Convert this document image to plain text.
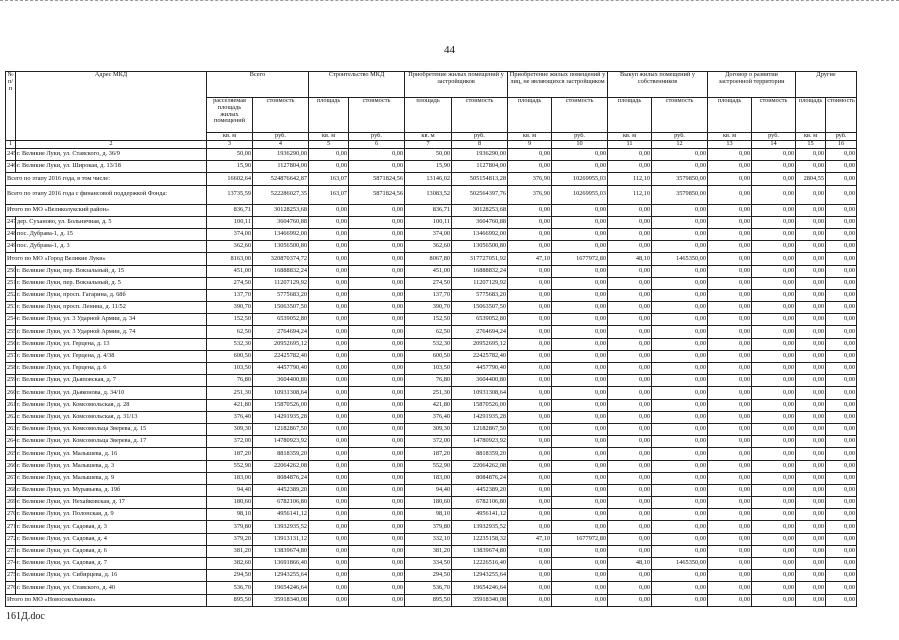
44
№ п/п	Адрес МКД	Всего		Строительство МКД		Приобретение жилых помещений у застройщиков		Приобретение жилых помещений у лиц, не являющихся застройщиком		Выкуп жилых помещений у собственников		Договор о развитии застроенной территории		Другие	
		расселяемая площадь жилых помещений	стоимость	площадь	стоимость	площадь	стоимость	площадь	стоимость	площадь	стоимость	площадь	стоимость	площадь	стоимость
		кв. м	руб.	кв. м	руб.	кв. м	руб.	кв. м	руб.	кв. м	руб.	кв. м	руб.	кв. м	руб.
1	2	3	4	5	6	7	8	9	10	11	12	13	14	15	16
245	г. Великие Луки, ул. Ставского, д. 36/9	50,00	1936290,00	0,00	0,00	50,00	1936290,00	0,00	0,00	0,00	0,00	0,00	0,00	0,00	0,00
246	г. Великие Луки, ул. Широкая, д. 13/18	15,90	1127804,00	0,00	0,00	15,90	1127804,00	0,00	0,00	0,00	0,00	0,00	0,00	0,00	0,00
Всего по этапу 2016 года, в том числе:		16602,64	524876642,87	163,07	5871824,56	13146,02	505154813,28	376,90	10269955,03	112,10	3579850,00	0,00	0,00	2804,55	0,00
Всего по этапу 2016 года с финансовой поддержкой Фонда:		13735,59	522286027,35	163,07	5871824,56	13083,52	502564397,76	376,90	10269955,03	112,10	3579850,00	0,00	0,00	0,00	0,00
Итого по МО «Великолукский район»		836,71	30128253,68	0,00	0,00	836,71	30128253,68	0,00	0,00	0,00	0,00	0,00	0,00	0,00	0,00
247	дер. Суханово, ул. Больничная, д. 5	100,11	3604760,88	0,00	0,00	100,11	3604760,88	0,00	0,00	0,00	0,00	0,00	0,00	0,00	0,00
248	пос. Дубрава-1, д. 15	374,00	13466992,00	0,00	0,00	374,00	13466992,00	0,00	0,00	0,00	0,00	0,00	0,00	0,00	0,00
249	пос. Дубрава-1, д. 3	362,60	13056500,80	0,00	0,00	362,60	13056500,80	0,00	0,00	0,00	0,00	0,00	0,00	0,00	0,00
Итого по МО «Город Великие Луки»		8163,00	320870374,72	0,00	0,00	8067,80	317727051,92	47,10	1677972,80	48,10	1465350,00	0,00	0,00	0,00	0,00
250	г. Великие Луки, пер. Вокзальный, д. 15	451,00	16888832,24	0,00	0,00	451,00	16888832,24	0,00	0,00	0,00	0,00	0,00	0,00	0,00	0,00
251	г. Великие Луки, пер. Вокзальный, д. 5	274,50	11207129,92	0,00	0,00	274,50	11207129,92	0,00	0,00	0,00	0,00	0,00	0,00	0,00	0,00
252	г. Великие Луки, просп. Гагарина, д. 68б	137,70	5775683,20	0,00	0,00	137,70	5775683,20	0,00	0,00	0,00	0,00	0,00	0,00	0,00	0,00
253	г. Великие Луки, просп. Ленина, д. 11/52	390,70	15063507,50	0,00	0,00	390,70	15063507,50	0,00	0,00	0,00	0,00	0,00	0,00	0,00	0,00
254	г. Великие Луки, ул. 3 Ударной Армии, д. 34	152,50	6539052,80	0,00	0,00	152,50	6539052,80	0,00	0,00	0,00	0,00	0,00	0,00	0,00	0,00
255	г. Великие Луки, ул. 3 Ударной Армии, д. 74	62,50	2764694,24	0,00	0,00	62,50	2764694,24	0,00	0,00	0,00	0,00	0,00	0,00	0,00	0,00
256	г. Великие Луки, ул. Герцена, д. 13	532,30	20952695,12	0,00	0,00	532,30	20952695,12	0,00	0,00	0,00	0,00	0,00	0,00	0,00	0,00
257	г. Великие Луки, ул. Герцена, д. 4/38	600,50	22425782,40	0,00	0,00	600,50	22425782,40	0,00	0,00	0,00	0,00	0,00	0,00	0,00	0,00
258	г. Великие Луки, ул. Герцена, д. 6	103,50	4457790,40	0,00	0,00	103,50	4457790,40	0,00	0,00	0,00	0,00	0,00	0,00	0,00	0,00
259	г. Великие Луки, ул. Дьяповская, д. 7	76,80	3604400,80	0,00	0,00	76,80	3604400,80	0,00	0,00	0,00	0,00	0,00	0,00	0,00	0,00
260	г. Великие Луки, ул. Дьяконова, д. 34/10	251,30	10931308,64	0,00	0,00	251,30	10931308,64	0,00	0,00	0,00	0,00	0,00	0,00	0,00	0,00
261	г. Великие Луки, ул. Комсомольская, д. 28	421,80	15870526,00	0,00	0,00	421,80	15870526,00	0,00	0,00	0,00	0,00	0,00	0,00	0,00	0,00
262	г. Великие Луки, ул. Комсомольская, д. 31/13	376,40	14291935,28	0,00	0,00	376,40	14291935,28	0,00	0,00	0,00	0,00	0,00	0,00	0,00	0,00
263	г. Великие Луки, ул. Комсомольца Зверева, д. 15	309,30	12182867,50	0,00	0,00	309,30	12182867,50	0,00	0,00	0,00	0,00	0,00	0,00	0,00	0,00
264	г. Великие Луки, ул. Комсомольца Зверева, д. 17	372,00	14780923,92	0,00	0,00	372,00	14780923,92	0,00	0,00	0,00	0,00	0,00	0,00	0,00	0,00
265	г. Великие Луки, ул. Малышева, д. 16	187,20	8818359,20	0,00	0,00	187,20	8818359,20	0,00	0,00	0,00	0,00	0,00	0,00	0,00	0,00
266	г. Великие Луки, ул. Малышева, д. 3	552,90	22064262,08	0,00	0,00	552,90	22064262,08	0,00	0,00	0,00	0,00	0,00	0,00	0,00	0,00
267	г. Великие Луки, ул. Малышева, д. 9	183,00	8084876,24	0,00	0,00	183,00	8084876,24	0,00	0,00	0,00	0,00	0,00	0,00	0,00	0,00
268	г. Великие Луки, ул. Муравьева, д. 19б	94,40	4452389,20	0,00	0,00	94,40	4452389,20	0,00	0,00	0,00	0,00	0,00	0,00	0,00	0,00
269	г. Великие Луки, ул. Нехайковская, д. 17	180,60	6782106,80	0,00	0,00	180,60	6782106,80	0,00	0,00	0,00	0,00	0,00	0,00	0,00	0,00
270	г. Великие Луки, ул. Полонская, д. 9	98,10	4956141,12	0,00	0,00	98,10	4956141,12	0,00	0,00	0,00	0,00	0,00	0,00	0,00	0,00
271	г. Великие Луки, ул. Садовая, д. 3	379,80	13932935,52	0,00	0,00	379,80	13932935,52	0,00	0,00	0,00	0,00	0,00	0,00	0,00	0,00
272	г. Великие Луки, ул. Садовая, д. 4	379,20	13913131,12	0,00	0,00	332,10	12235158,32	47,10	1677972,80	0,00	0,00	0,00	0,00	0,00	0,00
273	г. Великие Луки, ул. Садовая, д. 6	381,20	13839674,80	0,00	0,00	381,20	13839674,80	0,00	0,00	0,00	0,00	0,00	0,00	0,00	0,00
274	г. Великие Луки, ул. Садовая, д. 7	382,60	13691866,40	0,00	0,00	334,50	12226516,40	0,00	0,00	48,10	1465350,00	0,00	0,00	0,00	0,00
275	г. Великие Луки, ул. Сибирцева, д. 16	294,50	12943255,64	0,00	0,00	294,50	12943255,64	0,00	0,00	0,00	0,00	0,00	0,00	0,00	0,00
276	г. Великие Луки, ул. Ставского, д. 40	536,70	19654246,64	0,00	0,00	536,70	19654246,64	0,00	0,00	0,00	0,00	0,00	0,00	0,00	0,00
Итого по МО «Новосокольники»		895,50	35918340,08	0,00	0,00	895,50	35918340,08	0,00	0,00	0,00	0,00	0,00	0,00	0,00	0,00
161Д.doc
